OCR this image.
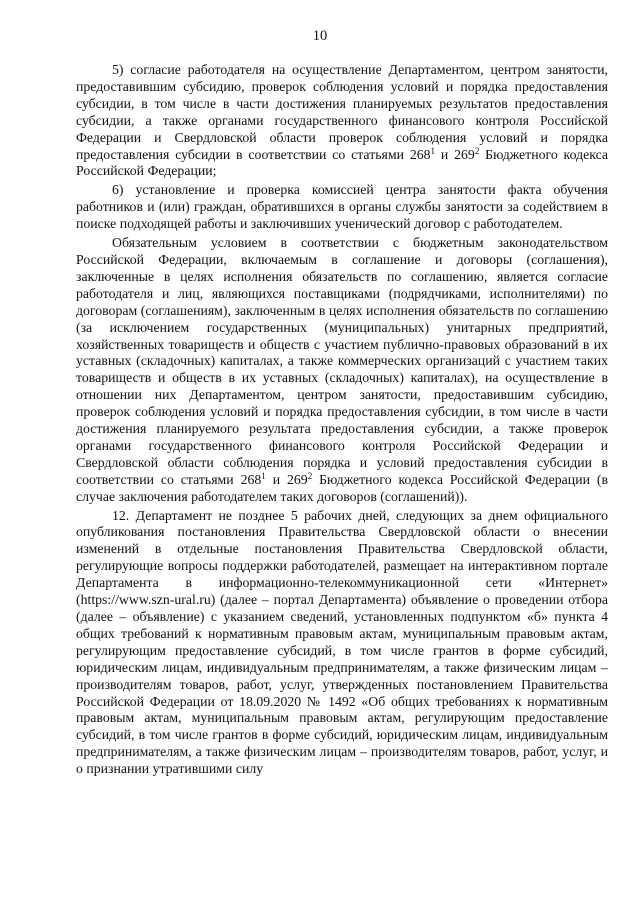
10

5) согласие работодателя на осуществление Департаментом, центром занятости, предоставившим субсидию, проверок соблюдения условий и порядка предоставления субсидии, в том числе в части достижения планируемых результатов предоставления субсидии, а также органами государственного финансового контроля Российской Федерации и Свердловской области проверок соблюдения условий и порядка предоставления субсидии в соответствии со статьями $268^1$ и $269^2$ Бюджетного кодекса Российской Федерации;

6) установление и проверка комиссией центра занятости факта обучения работников и (или) граждан, обратившихся в органы службы занятости за содействием в поиске подходящей работы и заключивших ученический договор с работодателем.

Обязательным условием в соответствии с бюджетным законодательством Российской Федерации, включаемым в соглашение и договоры (соглашения), заключенные в целях исполнения обязательств по соглашению, является согласие работодателя и лиц, являющихся поставщиками (подрядчиками, исполнителями) по договорам (соглашениям), заключенным в целях исполнения обязательств по соглашению (за исключением государственных (муниципальных) унитарных предприятий, хозяйственных товариществ и обществ с участием публично-правовых образований в их уставных (складочных) капиталах, а также коммерческих организаций с участием таких товариществ и обществ в их уставных (складочных) капиталах), на осуществление в отношении них Департаментом, центром занятости, предоставившим субсидию, проверок соблюдения условий и порядка предоставления субсидии, в том числе в части достижения планируемого результата предоставления субсидии, а также проверок органами государственного финансового контроля Российской Федерации и Свердловской области соблюдения порядка и условий предоставления субсидии в соответствии со статьями $268^1$ и $269^2$ Бюджетного кодекса Российской Федерации (в случае заключения работодателем таких договоров (соглашений)).

12. Департамент не позднее 5 рабочих дней, следующих за днем официального опубликования постановления Правительства Свердловской области о внесении изменений в отдельные постановления Правительства Свердловской области, регулирующие вопросы поддержки работодателей, размещает на интерактивном портале Департамента в информационно-телекоммуникационной сети «Интернет» (https://www.szn-ural.ru) (далее – портал Департамента) объявление о проведении отбора (далее – объявление) с указанием сведений, установленных подпунктом «б» пункта 4 общих требований к нормативным правовым актам, муниципальным правовым актам, регулирующим предоставление субсидий, в том числе грантов в форме субсидий, юридическим лицам, индивидуальным предпринимателям, а также физическим лицам – производителям товаров, работ, услуг, утвержденных постановлением Правительства Российской Федерации от 18.09.2020 № 1492 «Об общих требованиях к нормативным правовым актам, муниципальным правовым актам, регулирующим предоставление субсидий, в том числе грантов в форме субсидий, юридическим лицам, индивидуальным предпринимателям, а также физическим лицам – производителям товаров, работ, услуг, и о признании утратившими силу
